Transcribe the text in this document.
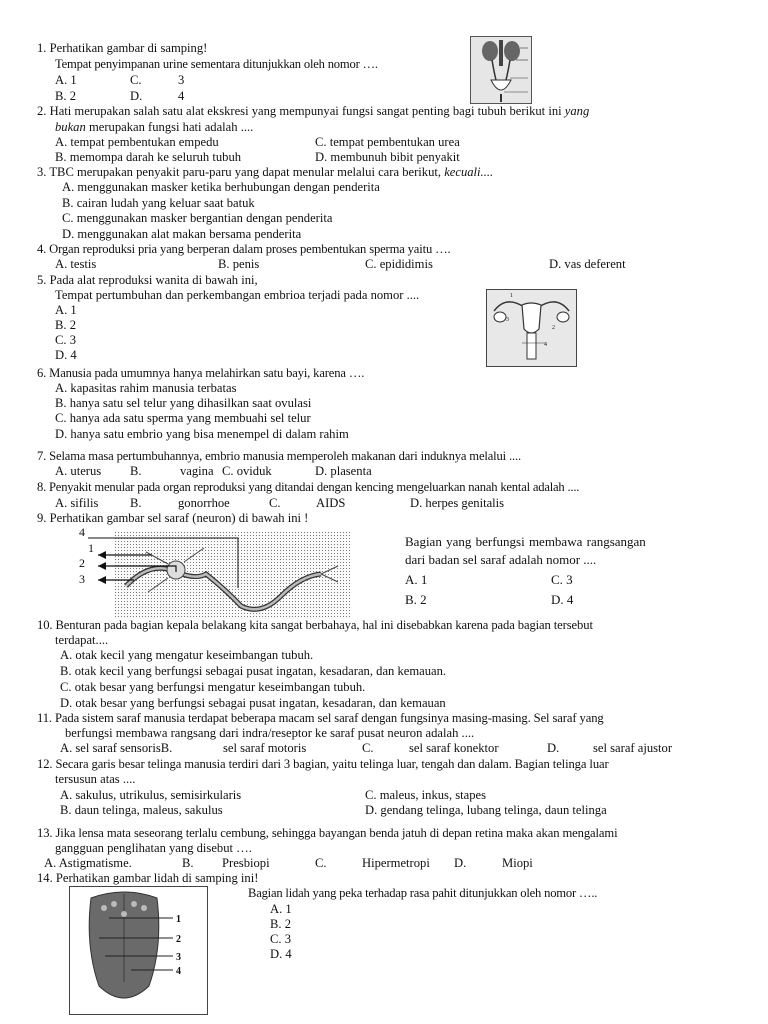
1. Perhatikan gambar di samping!
Tempat penyimpanan urine sementara ditunjukkan oleh nomor ….
A. 1	C.	3
B. 2	D.	4
2. Hati merupakan salah satu alat ekskresi yang mempunyai fungsi sangat penting bagi tubuh berikut ini yang
bukan merupakan fungsi hati adalah ....
A. tempat pembentukan empedu	C. tempat pembentukan urea
B. memompa darah ke seluruh tubuh	D. membunuh bibit penyakit
3. TBC merupakan penyakit paru-paru yang dapat menular melalui cara berikut, kecuali....
A. menggunakan masker ketika berhubungan dengan penderita
B. cairan ludah yang keluar saat batuk
C. menggunakan masker bergantian dengan penderita
D. menggunakan alat makan bersama penderita
4. Organ reproduksi pria yang berperan dalam proses pembentukan sperma yaitu ….
A. testis	B. penis	C. epididimis	D. vas deferent
5. Pada alat reproduksi wanita di bawah ini,
Tempat pertumbuhan dan perkembangan embrioa terjadi pada nomor ....
A. 1
B. 2
C. 3
D. 4
1
3
2
4
6. Manusia pada umumnya hanya melahirkan satu bayi, karena ….
A. kapasitas rahim manusia terbatas
B. hanya satu sel telur yang dihasilkan saat ovulasi
C. hanya ada satu sperma yang membuahi sel telur
D. hanya satu embrio yang bisa menempel di dalam rahim
7. Selama masa pertumbuhannya, embrio manusia memperoleh makanan dari induknya melalui ....
A. uterus B.	vagina C. oviduk	D. plasenta
8. Penyakit menular pada organ reproduksi yang ditandai dengan kencing mengeluarkan nanah kental adalah ....
A. sifilis	B.	gonorrhoe	C.	AIDS	D. herpes genitalis
9. Perhatikan gambar sel saraf (neuron) di bawah ini !
4
1
2
3
Bagian yang berfungsi membawa rangsangan
dari badan sel saraf adalah nomor ....
A. 1	C. 3
B. 2	D. 4
10. Benturan pada bagian kepala belakang kita sangat berbahaya, hal ini disebabkan karena pada bagian tersebut
terdapat....
A. otak kecil yang mengatur keseimbangan tubuh.
B. otak kecil yang berfungsi sebagai pusat ingatan, kesadaran, dan kemauan.
C. otak besar yang berfungsi mengatur keseimbangan tubuh.
D. otak besar yang berfungsi sebagai pusat ingatan, kesadaran, dan kemauan
11. Pada sistem saraf manusia terdapat beberapa macam sel saraf dengan fungsinya masing-masing. Sel saraf yang
berfungsi membawa rangsang dari indra/reseptor ke saraf pusat neuron adalah ....
A. sel saraf sensorisB.	sel saraf motoris	C.	sel saraf konektor	D.	sel saraf ajustor
12. Secara garis besar telinga manusia terdiri dari 3 bagian, yaitu telinga luar, tengah dan dalam. Bagian telinga luar
tersusun atas ....
A. sakulus, utrikulus, semisirkularis	C. maleus, inkus, stapes
B. daun telinga, maleus, sakulus	D. gendang telinga, lubang telinga, daun telinga
13. Jika lensa mata seseorang terlalu cembung, sehingga bayangan benda jatuh di depan retina maka akan mengalami
gangguan penglihatan yang disebut ….
A. Astigmatisme.	B. Presbiopi	C.	Hipermetropi D.	Miopi
14. Perhatikan gambar lidah di samping ini!
Bagian lidah yang peka terhadap rasa pahit ditunjukkan oleh nomor …..
A. 1
B. 2
C. 3
D. 4
1
2
3
4
